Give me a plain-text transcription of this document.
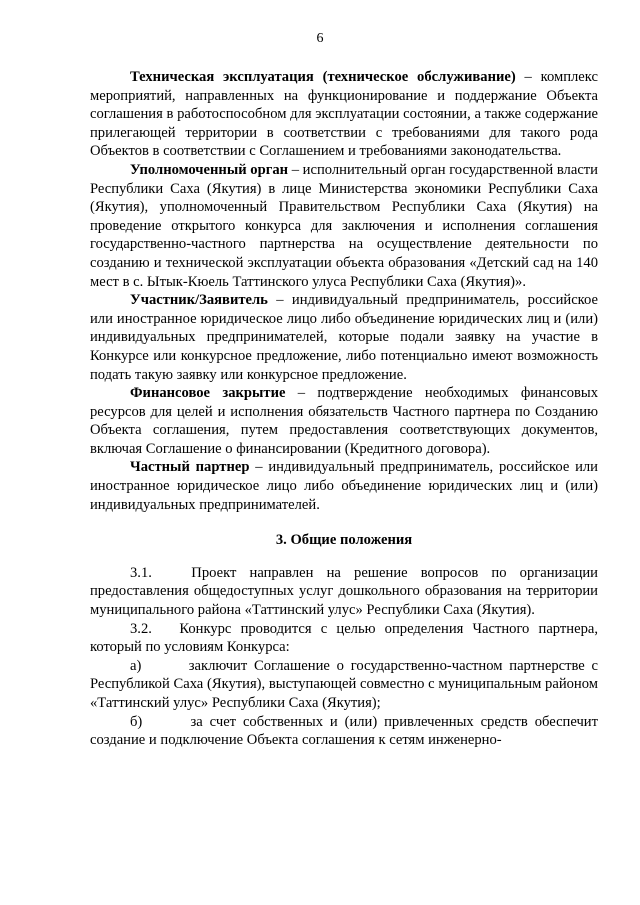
6

Техническая эксплуатация (техническое обслуживание) – комплекс мероприятий, направленных на функционирование и поддержание Объекта соглашения в работоспособном для эксплуатации состоянии, а также содержание прилегающей территории в соответствии с требованиями для такого рода Объектов в соответствии с Соглашением и требованиями законодательства.

Уполномоченный орган – исполнительный орган государственной власти Республики Саха (Якутия) в лице Министерства экономики Республики Саха (Якутия), уполномоченный Правительством Республики Саха (Якутия) на проведение открытого конкурса для заключения и исполнения соглашения государственно-частного партнерства на осуществление деятельности по созданию и технической эксплуатации объекта образования «Детский сад на 140 мест в с. Ытык-Кюель Таттинского улуса Республики Саха (Якутия)».

Участник/Заявитель – индивидуальный предприниматель, российское или иностранное юридическое лицо либо объединение юридических лиц и (или) индивидуальных предпринимателей, которые подали заявку на участие в Конкурсе или конкурсное предложение, либо потенциально имеют возможность подать такую заявку или конкурсное предложение.

Финансовое закрытие – подтверждение необходимых финансовых ресурсов для целей и исполнения обязательств Частного партнера по Созданию Объекта соглашения, путем предоставления соответствующих документов, включая Соглашение о финансировании (Кредитного договора).

Частный партнер – индивидуальный предприниматель, российское или иностранное юридическое лицо либо объединение юридических лиц и (или) индивидуальных предпринимателей.

3. Общие положения

3.1.   Проект направлен на решение вопросов по организации предоставления общедоступных услуг дошкольного образования на территории муниципального района «Таттинский улус» Республики Саха (Якутия).

3.2.   Конкурс проводится с целью определения Частного партнера, который по условиям Конкурса:

а)       заключит Соглашение о государственно-частном партнерстве с Республикой Саха (Якутия), выступающей совместно с муниципальным районом «Таттинский улус» Республики Саха (Якутия);

б)       за счет собственных и (или) привлеченных средств обеспечит создание и подключение Объекта соглашения к сетям инженерно-
